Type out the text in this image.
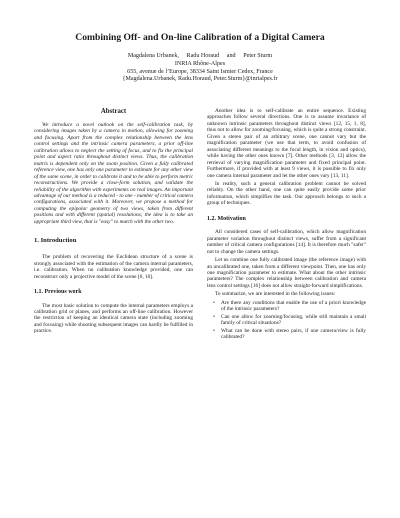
Combining Off- and On-line Calibration of a Digital Camera
Magdalena Urbanek,     Radu Horaud     and     Peter Sturm
INRIA Rhône-Alpes
655, avenue de l’Europe, 38334 Saint Ismier Cedex, France
{Magdalena.Urbanek, Radu.Horaud, Peter.Sturm}@inrialpes.fr
Abstract

We introduce a novel outlook on the self-calibration task, by considering images taken by a camera in motion, allowing for zooming and focusing. Apart from the complex relationship between the lens control settings and the intrinsic camera parameters, a prior off-line calibration allows to neglect the setting of focus, and to fix the principal point and aspect ratio throughout distinct views. Thus, the calibration matrix is dependent only on the zoom position. Given a fully calibrated reference view, one has only one parameter to estimate for any other view of the same scene, in order to calibrate it and to be able to perform metric reconstructions. We provide a close-form solution, and validate the reliability of the algorithm with experiments on real images. An important advantage of our method is a reduced - to one - number of critical camera configurations, associated with it. Moreover, we propose a method for computing the epipolar geometry of two views, taken from different positions and with different (spatial) resolutions; the idea is to take an appropriate third view, that is "easy" to match with the other two.

1. Introduction

The problem of recovering the Euclidean structure of a scene is strongly associated with the estimation of the camera internal parameters, i.e. calibration. When no calibration knowledge provided, one can reconstruct only a projective model of the scene [6, 10].

1.1. Previous work

The most basic solution to compute the internal parameters employs a calibration grid or planes, and performs an off-line calibration. However the restriction of keeping an identical camera state (including zooming and focusing) while shooting subsequent images can hardly be fulfilled in practice.

Another idea is to self-calibrate an entire sequence. Existing approaches follow several directions. One is to assume invariance of unknown intrinsic parameters throughout distinct views [12, 15, 1, 8], thus not to allow for zooming/focusing, which is quite a strong constraint. Given a stereo pair of an arbitrary scene, one cannot vary but the magnification parameter (we use that term, to avoid confusion of associating different meanings to the focal length, in vision and optics), while having the other ones known [7]. Other methods [3, 13] allow the retrieval of varying magnification parameter and fixed principal point. Furthermore, if provided with at least 9 views, it is possible to fix only one camera internal parameter and let the other ones vary [13, 11].

In reality, such a general calibration problem cannot be solved reliably. On the other hand, one can quite easily provide some prior information, which simplifies the task. Our approach belongs to such a group of techniques.

1.2. Motivation

All considered cases of self-calibration, which allow magnification parameter variation throughout distinct views, suffer from a significant number of critical camera configurations [14]. It is therefore much "safer" not to change the camera settings.

Let us combine one fully calibrated image (the reference image) with an uncalibrated one, taken from a different viewpoint. Then, one has only one magnification parameter to estimate. What about the other intrinsic parameters? The complex relationship between calibration and camera lens control settings [16] does not allow straight-forward simplifications.

To summarize, we are interested in the following issues:

• Are there any conditions that enable the use of a priori knowledge of the intrinsic parameters?
• Can one allow for zooming/focusing, while still maintain a small family of critical situations?
• What can be done with stereo pairs, if one camera/view is fully calibrated?
